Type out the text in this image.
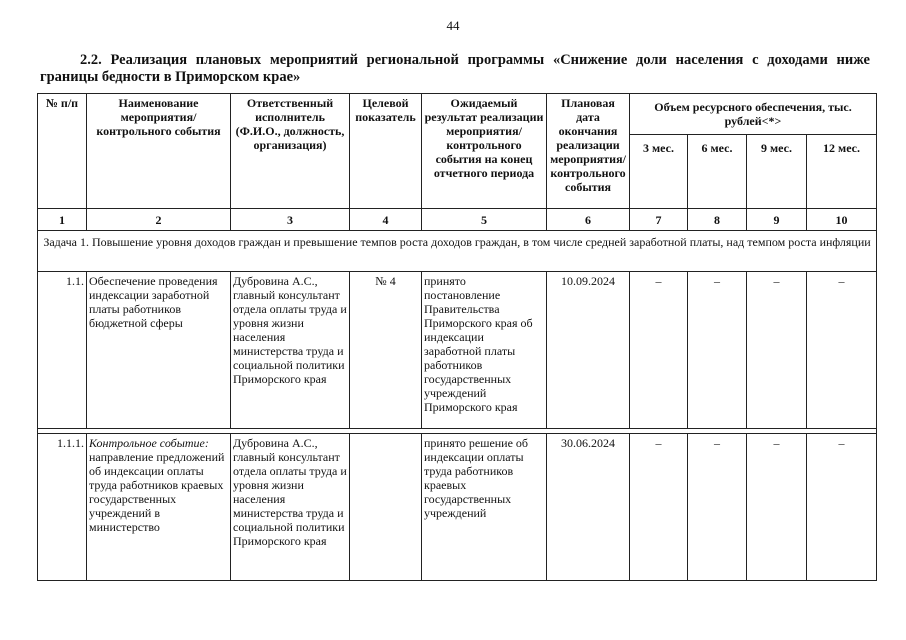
44
2.2. Реализация плановых мероприятий региональной программы «Снижение доли населения с доходами ниже границы бедности в Приморском крае»
№ п/п	Наименование мероприятия/ контрольного события	Ответственный исполнитель (Ф.И.О., должность, организация)	Целевой показатель	Ожидаемый результат реализации мероприятия/ контрольного события на конец отчетного периода	Плановая дата окончания реализации мероприятия/ контрольного события	Объем ресурсного обеспечения, тыс. рублей<*>			
						3 мес.	6 мес.	9 мес.	12 мес.
1	2	3	4	5	6	7	8	9	10
Задача 1. Повышение уровня доходов граждан и превышение темпов роста доходов граждан, в том числе средней заработной платы, над темпом роста инфляции									
1.1.	Обеспечение проведения индексации заработной платы работников бюджетной сферы	Дубровина А.С., главный консультант отдела оплаты труда и уровня жизни населения министерства труда и социальной политики Приморского края	№ 4	принято постановление Правительства Приморского края об индексации заработной платы работников государственных учреждений Приморского края	10.09.2024	–	–	–	–

1.1.1.	Контрольное событие: направление предложений об индексации оплаты труда работников краевых государственных учреждений в министерство	Дубровина А.С., главный консультант отдела оплаты труда и уровня жизни населения министерства труда и социальной политики Приморского края		принято решение об индексации оплаты труда работников краевых государственных учреждений	30.06.2024	–	–	–	–
